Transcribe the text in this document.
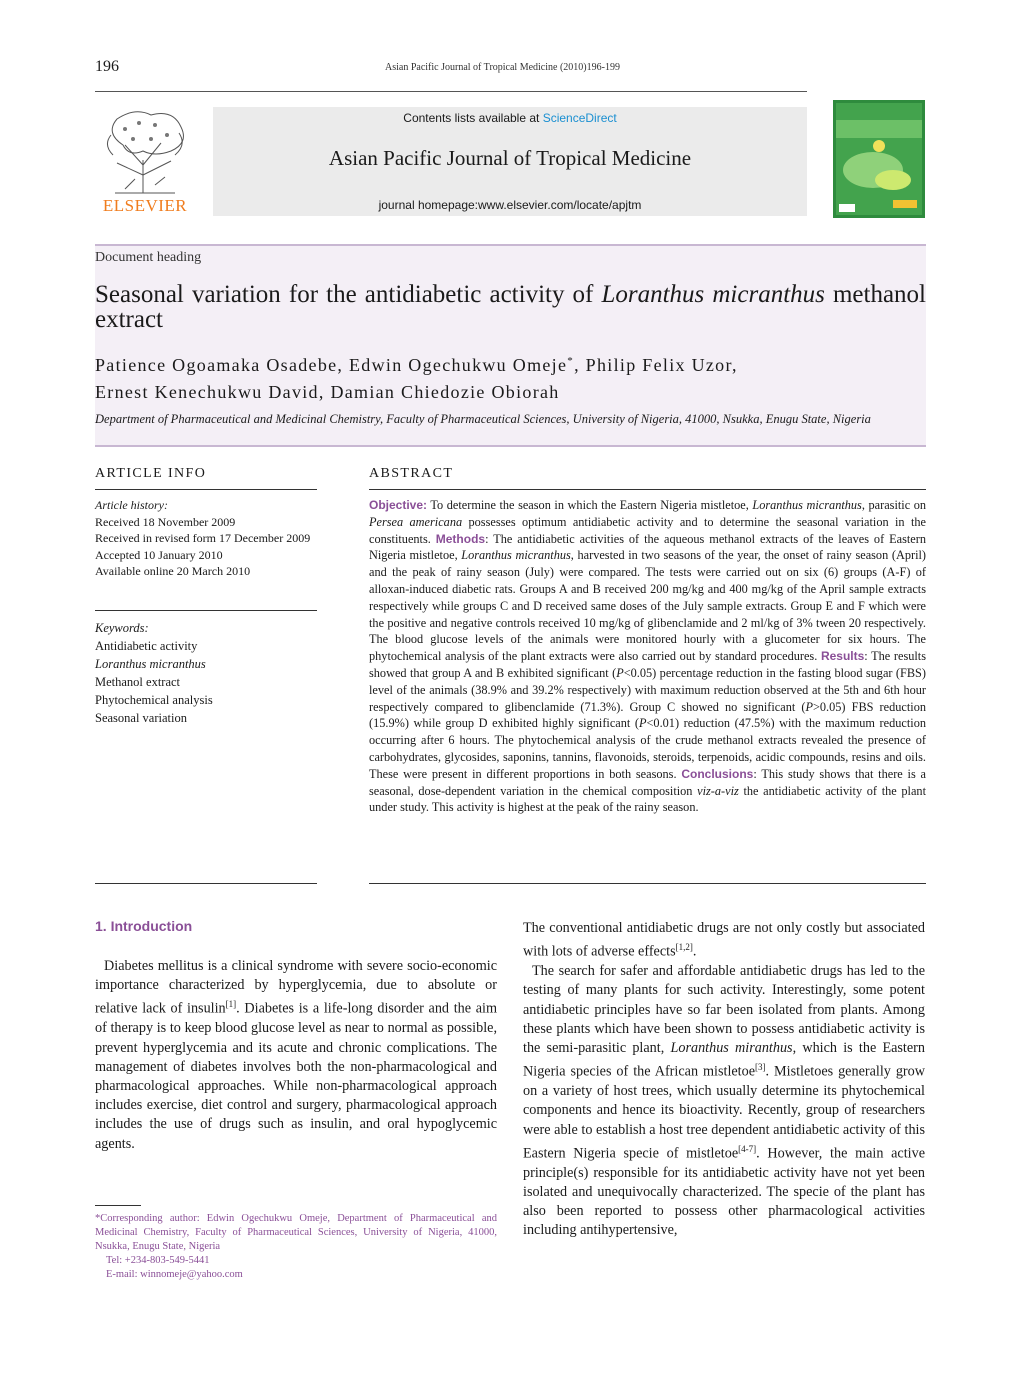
196	Asian Pacific Journal of Tropical Medicine (2010)196-199
ELSEVIER
Contents lists available at ScienceDirect
Asian Pacific Journal of Tropical Medicine
journal homepage:www.elsevier.com/locate/apjtm
Document heading
Seasonal variation for the antidiabetic activity of Loranthus micranthus methanol extract
Patience Ogoamaka Osadebe, Edwin Ogechukwu Omeje*, Philip Felix Uzor,
Ernest Kenechukwu David, Damian Chiedozie Obiorah
Department of Pharmaceutical and Medicinal Chemistry, Faculty of Pharmaceutical Sciences, University of Nigeria, 41000, Nsukka, Enugu State, Nigeria
ARTICLE INFO	ABSTRACT
Article history:
Received 18 November 2009
Received in revised form 17 December 2009
Accepted 10 January 2010
Available online 20 March 2010
Keywords:
Antidiabetic activity
Loranthus micranthus
Methanol extract
Phytochemical analysis
Seasonal variation
Objective: To determine the season in which the Eastern Nigeria mistletoe, Loranthus micranthus, parasitic on Persea americana possesses optimum antidiabetic activity and to determine the seasonal variation in the constituents. Methods: The antidiabetic activities of the aqueous methanol extracts of the leaves of Eastern Nigeria mistletoe, Loranthus micranthus, harvested in two seasons of the year, the onset of rainy season (April) and the peak of rainy season (July) were compared. The tests were carried out on six (6) groups (A-F) of alloxan-induced diabetic rats. Groups A and B received 200 mg/kg and 400 mg/kg of the April sample extracts respectively while groups C and D received same doses of the July sample extracts. Group E and F which were the positive and negative controls received 10 mg/kg of glibenclamide and 2 ml/kg of 3% tween 20 respectively. The blood glucose levels of the animals were monitored hourly with a glucometer for six hours. The phytochemical analysis of the plant extracts were also carried out by standard procedures. Results: The results showed that group A and B exhibited significant (P<0.05) percentage reduction in the fasting blood sugar (FBS) level of the animals (38.9% and 39.2% respectively) with maximum reduction observed at the 5th and 6th hour respectively compared to glibenclamide (71.3%). Group C showed no significant (P>0.05) FBS reduction (15.9%) while group D exhibited highly significant (P<0.01) reduction (47.5%) with the maximum reduction occurring after 6 hours. The phytochemical analysis of the crude methanol extracts revealed the presence of carbohydrates, glycosides, saponins, tannins, flavonoids, steroids, terpenoids, acidic compounds, resins and oils. These were present in different proportions in both seasons. Conclusions: This study shows that there is a seasonal, dose-dependent variation in the chemical composition viz-a-viz the antidiabetic activity of the plant under study. This activity is highest at the peak of the rainy season.
1. Introduction

Diabetes mellitus is a clinical syndrome with severe socio-economic importance characterized by hyperglycemia, due to absolute or relative lack of insulin[1]. Diabetes is a life-long disorder and the aim of therapy is to keep blood glucose level as near to normal as possible, prevent hyperglycemia and its acute and chronic complications. The management of diabetes involves both the non-pharmacological and pharmacological approaches. While non-pharmacological approach includes exercise, diet control and surgery, pharmacological approach includes the use of drugs such as insulin, and oral hypoglycemic agents.

The conventional antidiabetic drugs are not only costly but associated with lots of adverse effects[1,2].

The search for safer and affordable antidiabetic drugs has led to the testing of many plants for such activity. Interestingly, some potent antidiabetic principles have so far been isolated from plants. Among these plants which have been shown to possess antidiabetic activity is the semi-parasitic plant, Loranthus miranthus, which is the Eastern Nigeria species of the African mistletoe[3]. Mistletoes generally grow on a variety of host trees, which usually determine its phytochemical components and hence its bioactivity. Recently, group of researchers were able to establish a host tree dependent antidiabetic activity of this Eastern Nigeria specie of mistletoe[4-7]. However, the main active principle(s) responsible for its antidiabetic activity have not yet been isolated and unequivocally characterized. The specie of the plant has also been reported to possess other pharmacological activities including antihypertensive,

*Corresponding author: Edwin Ogechukwu Omeje, Department of Pharmaceutical and Medicinal Chemistry, Faculty of Pharmaceutical Sciences, University of Nigeria, 41000, Nsukka, Enugu State, Nigeria
Tel: +234-803-549-5441
E-mail: winnomeje@yahoo.com
